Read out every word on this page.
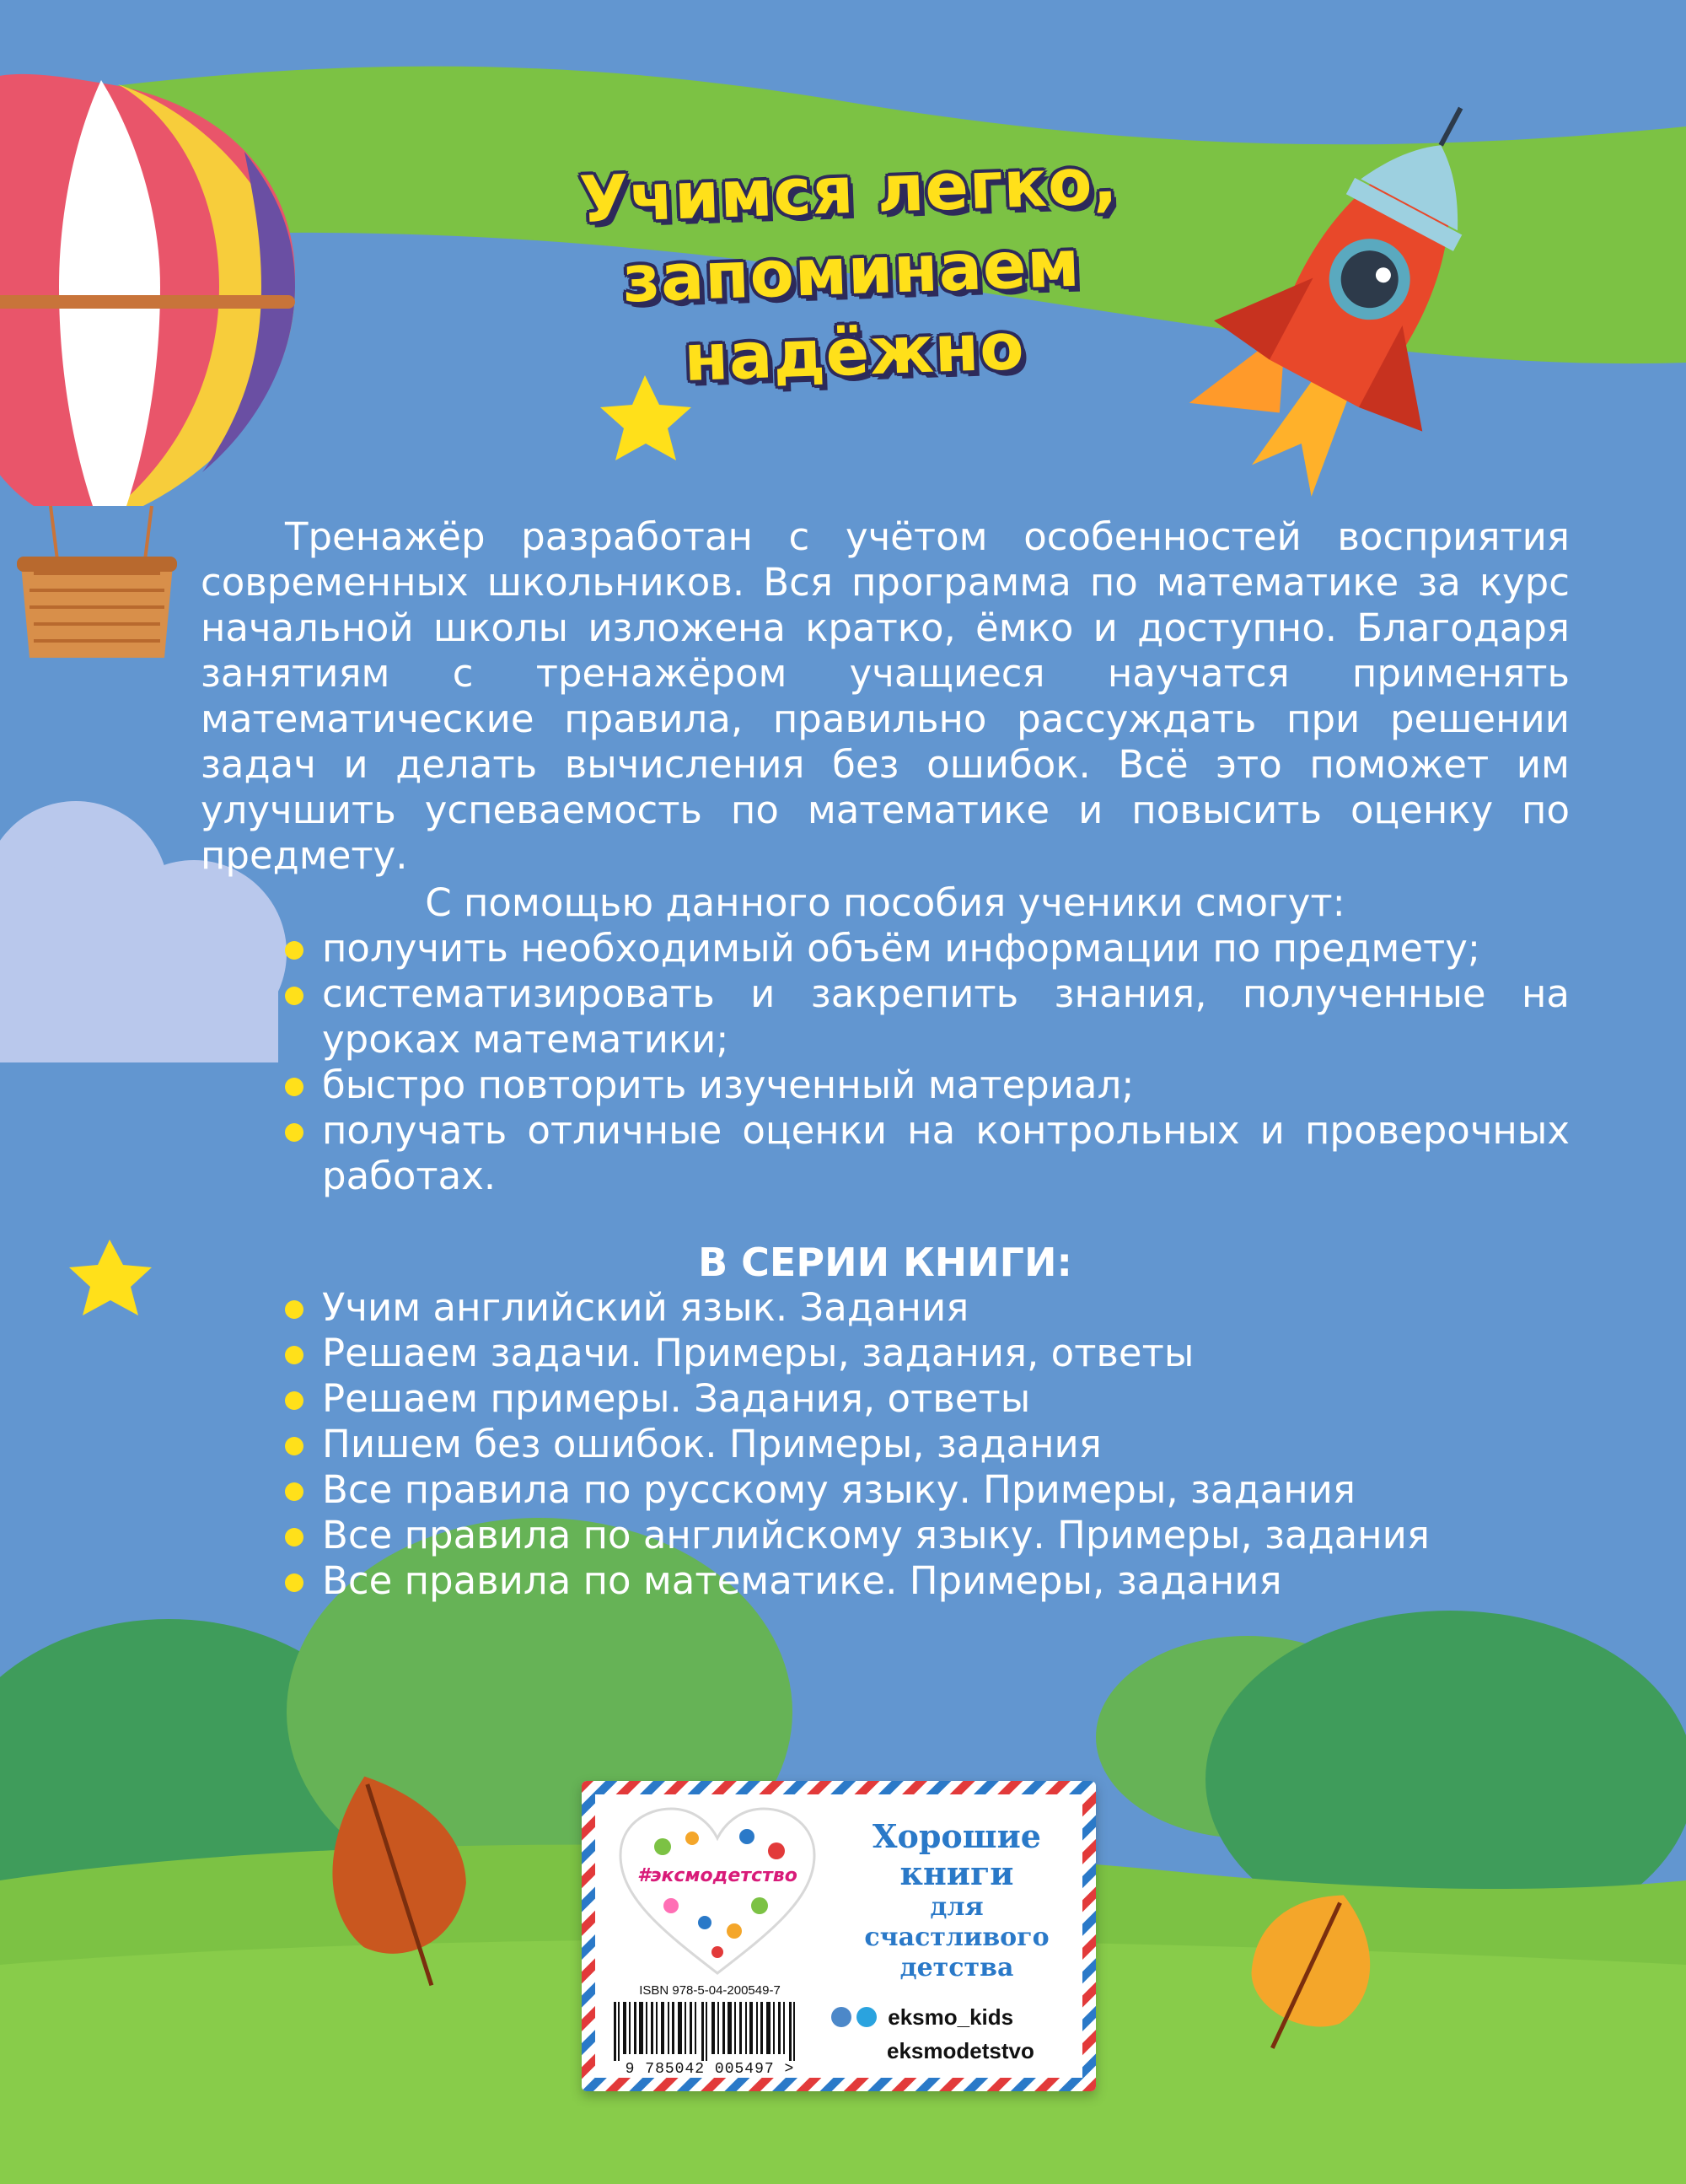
Учимся легко,
запоминаем надёжно

Тренажёр разработан с учётом особенностей восприятия современных школьников. Вся программа по математике за курс начальной школы изложена кратко, ёмко и доступно. Благодаря занятиям с тренажёром учащиеся научатся применять математические правила, правильно рассуждать при решении задач и делать вычисления без ошибок. Всё это поможет им улучшить успеваемость по математике и повысить оценку по предмету.

С помощью данного пособия ученики смогут:

получить необходимый объём информации по предмету;
систематизировать и закрепить знания, полученные на уроках математики;
быстро повторить изученный материал;
получать отличные оценки на контрольных и проверочных работах.

В СЕРИИ КНИГИ:

Учим английский язык. Задания
Решаем задачи. Примеры, задания, ответы
Решаем примеры. Задания, ответы
Пишем без ошибок. Примеры, задания
Все правила по русскому языку. Примеры, задания
Все правила по английскому языку. Примеры, задания
Все правила по математике. Примеры, задания
#эксмодетство
Хорошие
книги
для счастливого
детства
eksmo_kids
eksmodetstvo
ISBN 978-5-04-200549-7
9 785042 005497 >
